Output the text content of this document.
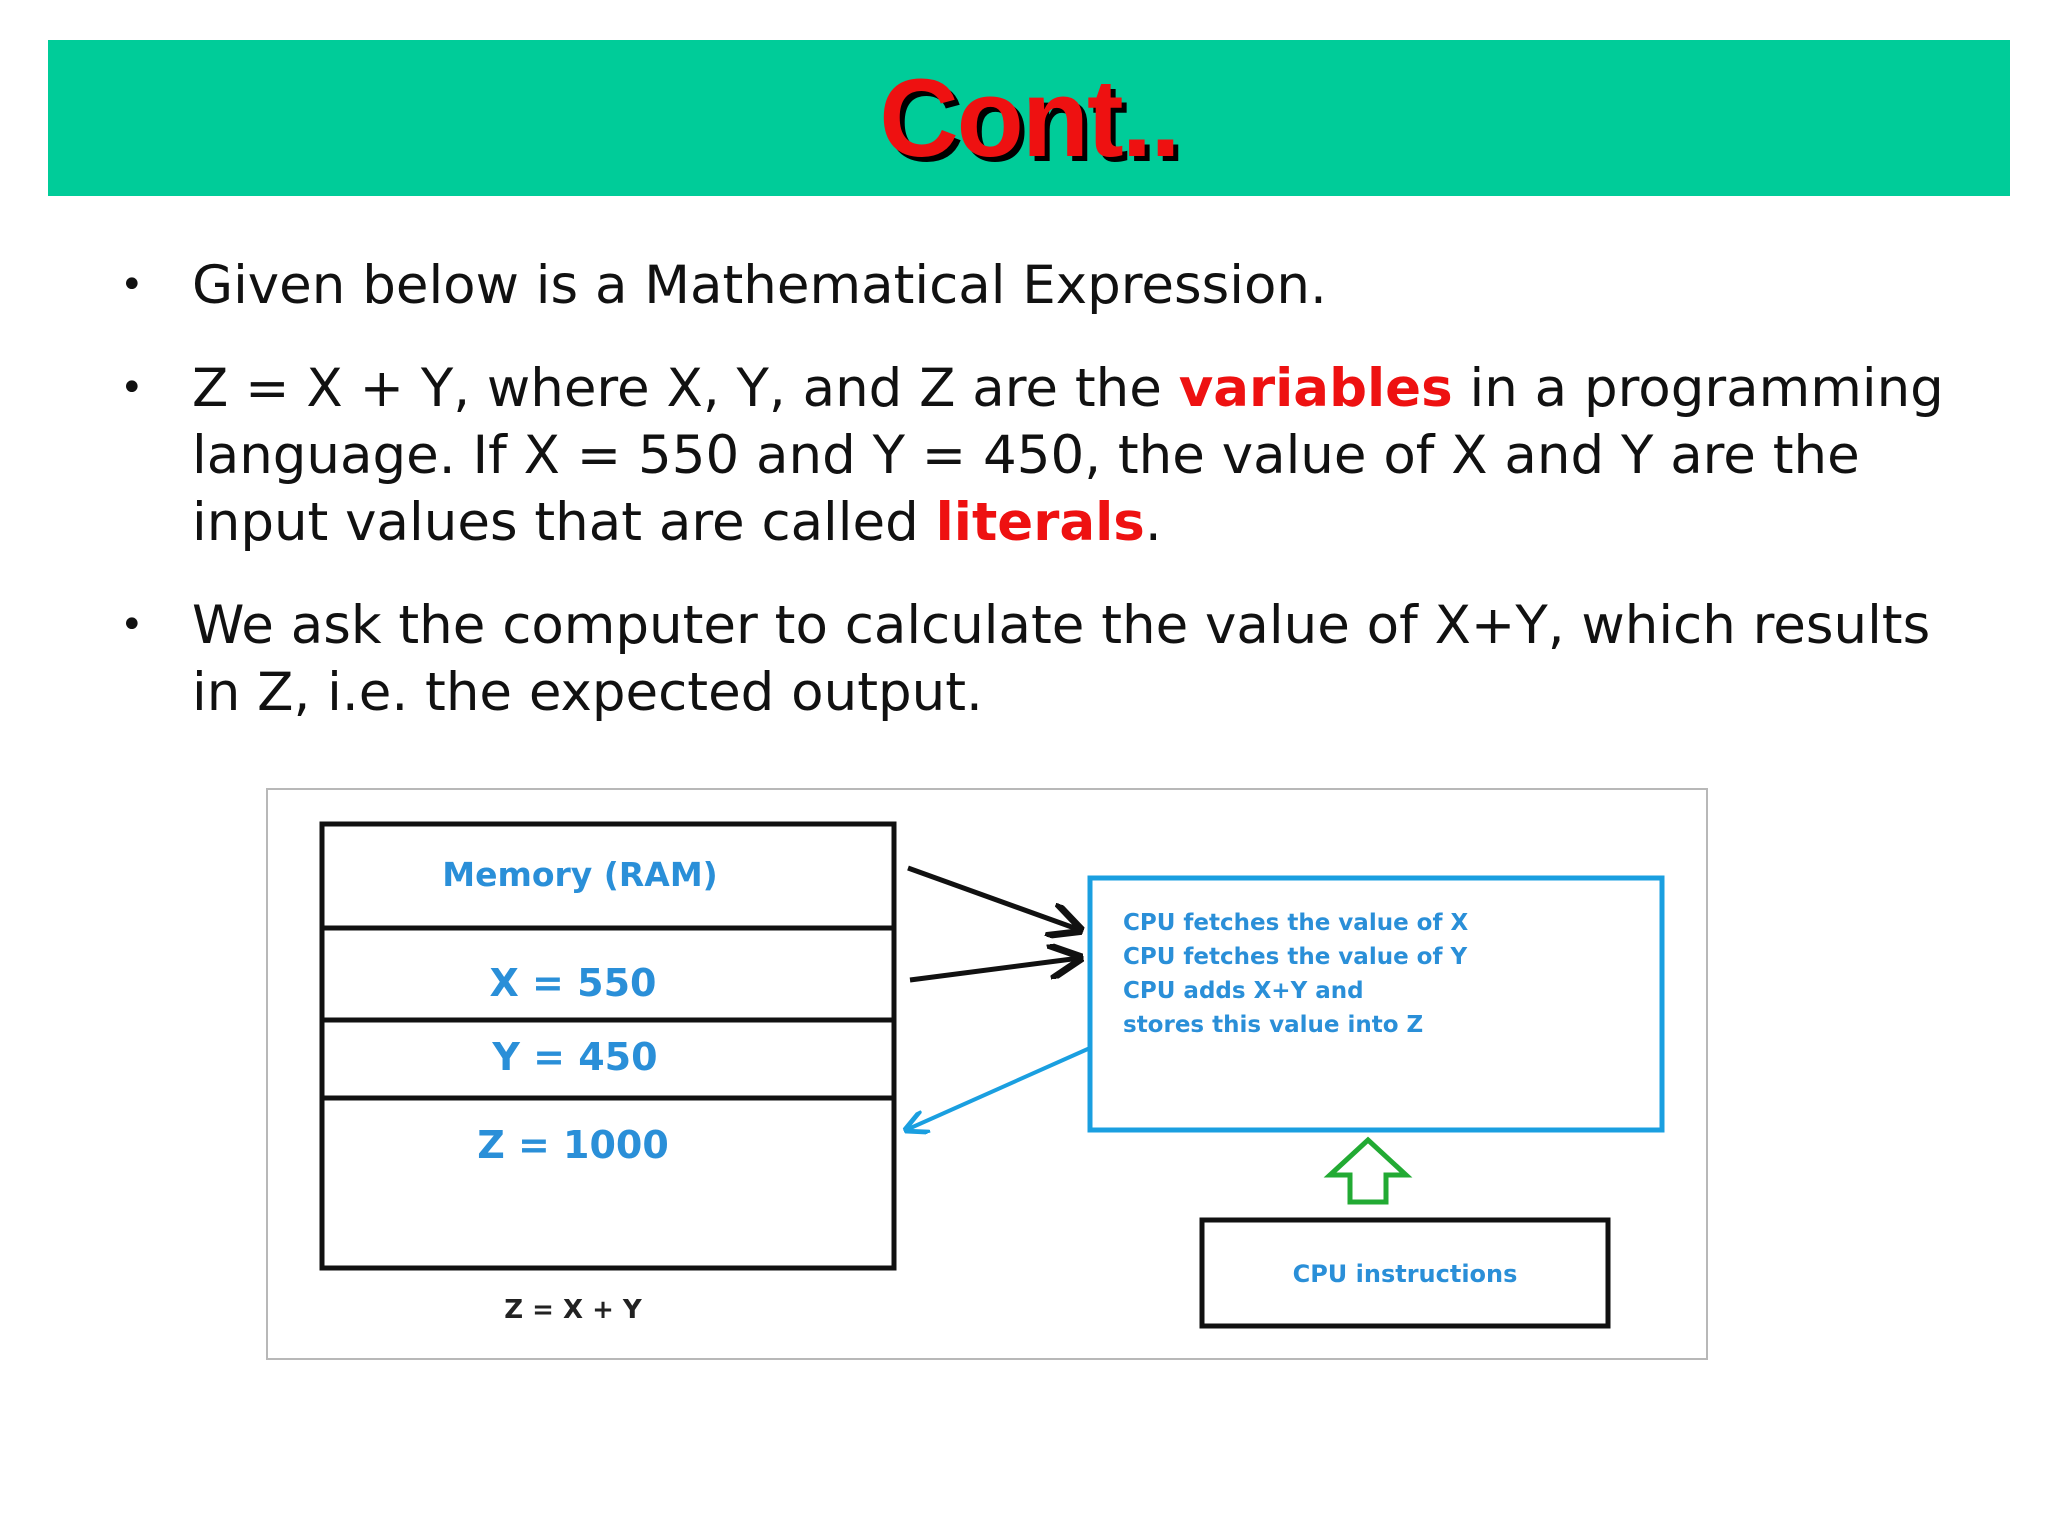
Cont..
• Given below is a Mathematical Expression.
• Z = X + Y, where X, Y, and Z are the variables in a programming language. If X = 550 and Y = 450, the value of X and Y are the input values that are called literals.
• We ask the computer to calculate the value of X+Y, which results in Z, i.e. the expected output.
Memory (RAM)
X = 550
Y = 450
Z = 1000
Z = X + Y
CPU fetches the value of X
CPU fetches the value of Y
CPU adds X+Y and
stores this value into Z
CPU instructions
